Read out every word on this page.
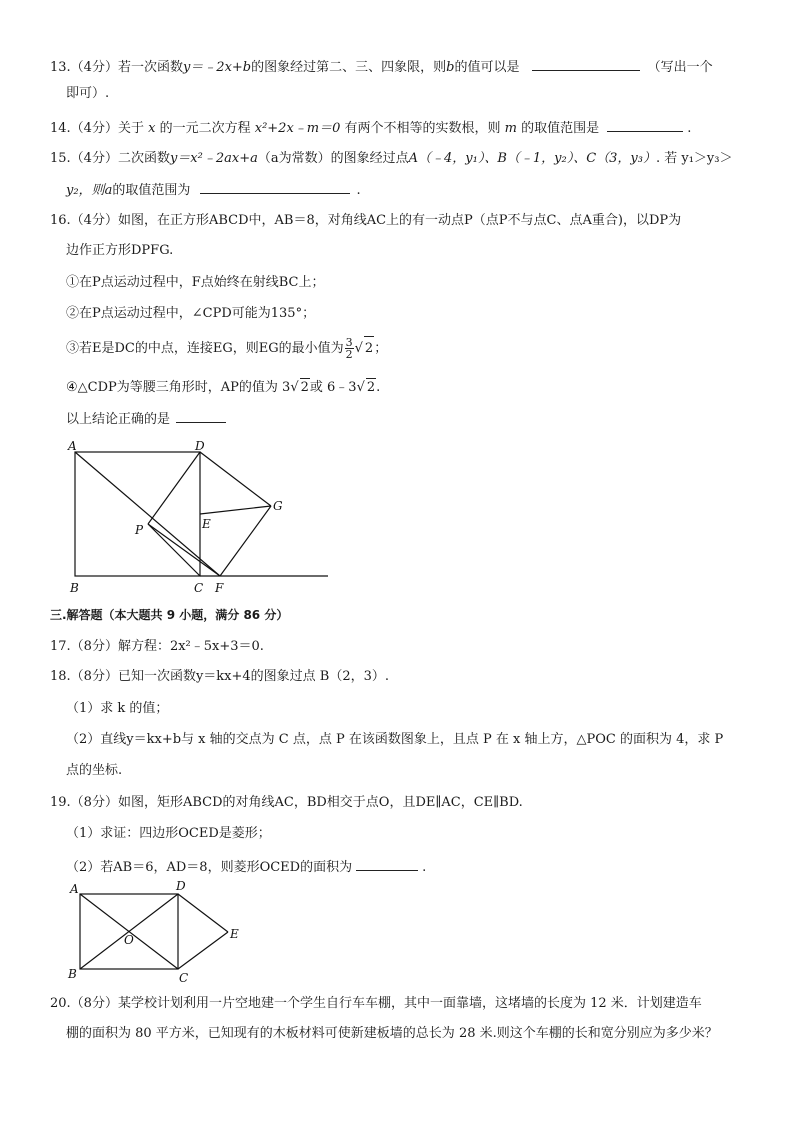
13.（4分）若一次函数y＝﹣2x+b的图象经过第二、三、四象限，则b的值可以是	（写出一个
即可）.
14.（4分）关于 x 的一元二次方程 x²+2x﹣m＝0 有两个不相等的实数根，则 m 的取值范围是	.
15.（4分）二次函数y＝x²﹣2ax+a（a为常数）的图象经过点A（﹣4，y₁）、B（﹣1，y₂）、C（3，y₃）. 若 y₁＞y₃＞
y₂，则a的取值范围为	.
16.（4分）如图，在正方形ABCD中，AB＝8，对角线AC上的有一动点P（点P不与点C、点A重合)，以DP为
边作正方形DPFG.
①在P点运动过程中，F点始终在射线BC上；
②在P点运动过程中，∠CPD可能为135°；
③若E是DC的中点，连接EG，则EG的最小值为 $\frac{3}{2}$ √ 2；
④△CDP为等腰三角形时，AP的值为 3√ 2或 6﹣3√ 2.
以上结论正确的是
A	D
G
E
P
B	C F
三.解答题（本大题共 9 小题，满分 86 分）
17.（8分）解方程：2x²﹣5x+3＝0.
18.（8分）已知一次函数y＝kx+4的图象过点 B（2，3）.
（1）求 k 的值；
（2）直线y＝kx+b与 x 轴的交点为 C 点，点 P 在该函数图象上，且点 P 在 x 轴上方，△POC 的面积为 4，求 P
点的坐标.
19.（8分）如图，矩形ABCD的对角线AC，BD相交于点O，且DE∥AC，CE∥BD.
（1）求证：四边形OCED是菱形；
（2）若AB＝6，AD＝8，则菱形OCED的面积为	.
A	D
E
O
B	C
20.（8分）某学校计划利用一片空地建一个学生自行车车棚，其中一面靠墙，这堵墙的长度为 12 米．计划建造车
棚的面积为 80 平方米，已知现有的木板材料可使新建板墙的总长为 28 米.则这个车棚的长和宽分别应为多少米？
